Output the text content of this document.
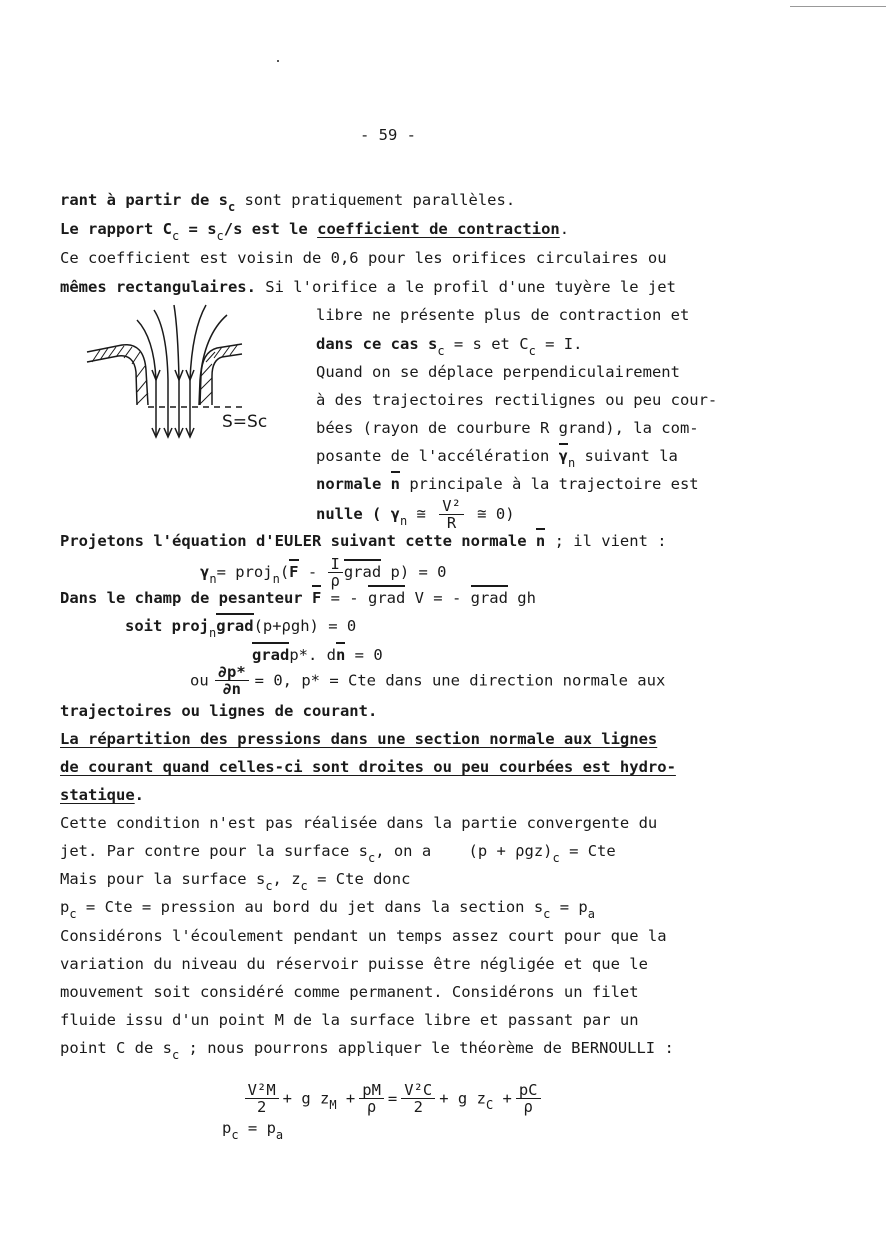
- 59 -
rant à partir de $s_c$ sont pratiquement parallèles.
Le rapport $C_c = s_c/s$ est le coefficient de contraction.
Ce coefficient est voisin de 0,6 pour les orifices circulaires ou
mêmes rectangulaires. Si l'orifice a le profil d'une tuyère le jet
S=Sc
libre ne présente plus de contraction et
dans ce cas $s_c = s$ et $C_c = I$.
Quand on se déplace perpendiculairement
à des trajectoires rectilignes ou peu cour-
bées (rayon de courbure R grand), la com-
posante de l'accélération $\gamma_n$ suivant la
normale n principale à la trajectoire est
nulle ( $\gamma_n$ ≅ $\frac{\text{V²}}{R}$ ≅ 0)
Projetons l'équation d'EULER suivant cette normale n ; il vient :
$\gamma_n=$ proj$_n$(F - $\frac{I}{\rho}$ grad p) = 0
Dans le champ de pesanteur F = - grad V = - grad gh
soit proj$_n$grad(p+ρgh) = 0
gradp*. dn = 0
ou $\frac{\partial p*}{\partial n} = 0$, p* = Cte dans une direction normale aux
trajectoires ou lignes de courant.
La répartition des pressions dans une section normale aux lignes
de courant quand celles-ci sont droites ou peu courbées est hydro-
statique.
Cette condition n'est pas réalisée dans la partie convergente du
jet. Par contre pour la surface $s_c$, on a    $(p + \rho gz)_c$ = Cte
Mais pour la surface $s_c$, $z_c$ = Cte donc
$p_c$ = Cte = pression au bord du jet dans la section $s_c = p_a$
Considérons l'écoulement pendant un temps assez court pour que la
variation du niveau du réservoir puisse être négligée et que le
mouvement soit considéré comme permanent. Considérons un filet
fluide issu d'un point M de la surface libre et passant par un
point C de $s_c$ ; nous pourrons appliquer le théorème de BERNOULLI :

$\frac{\text{V²M}}{2} + g$ $z_M + \frac{pM}{\rho} = \frac{\text{V²C}}{2} + g$ $z_C + \frac{pC}{\rho}$

$p_c = p_a$
